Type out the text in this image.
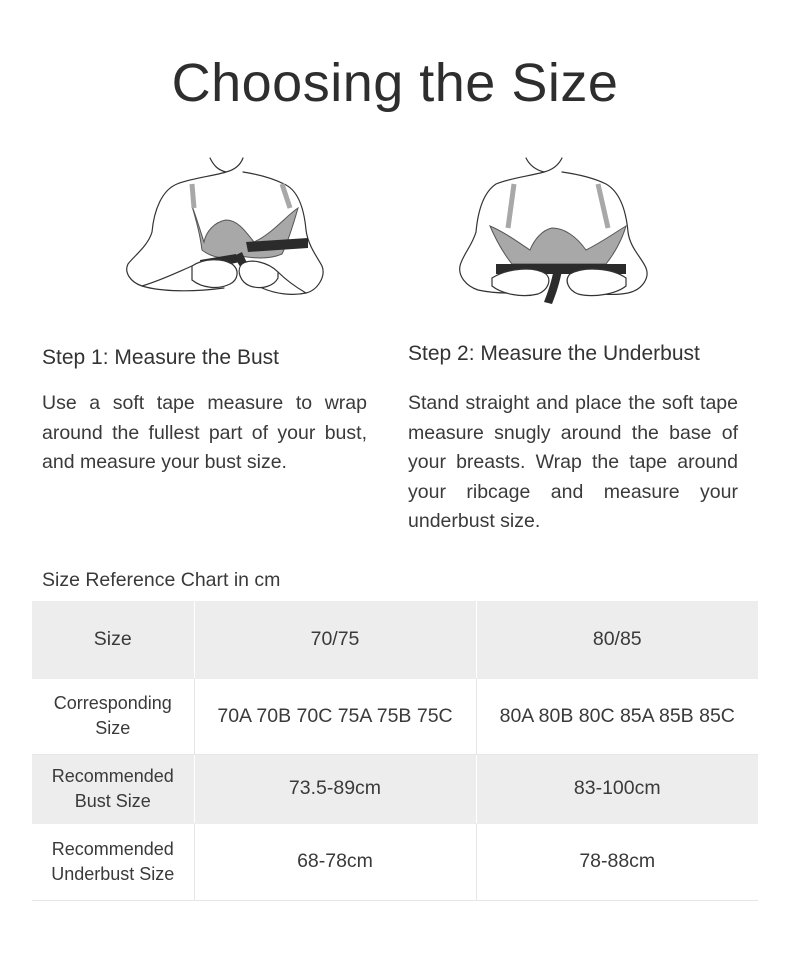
Choosing the Size
Step 1: Measure the Bust
Use a soft tape measure to wrap around the fullest part of your bust, and measure your bust size.
Step 2: Measure the Underbust
Stand straight and place the soft tape measure snugly around the base of your breasts. Wrap the tape around your ribcage and measure your underbust size.
Size Reference Chart in cm
Size	70/75	80/85
Corresponding Size	70A 70B 70C 75A 75B 75C	80A 80B 80C 85A 85B 85C
Recommended Bust Size	73.5-89cm	83-100cm
Recommended Underbust Size	68-78cm	78-88cm
